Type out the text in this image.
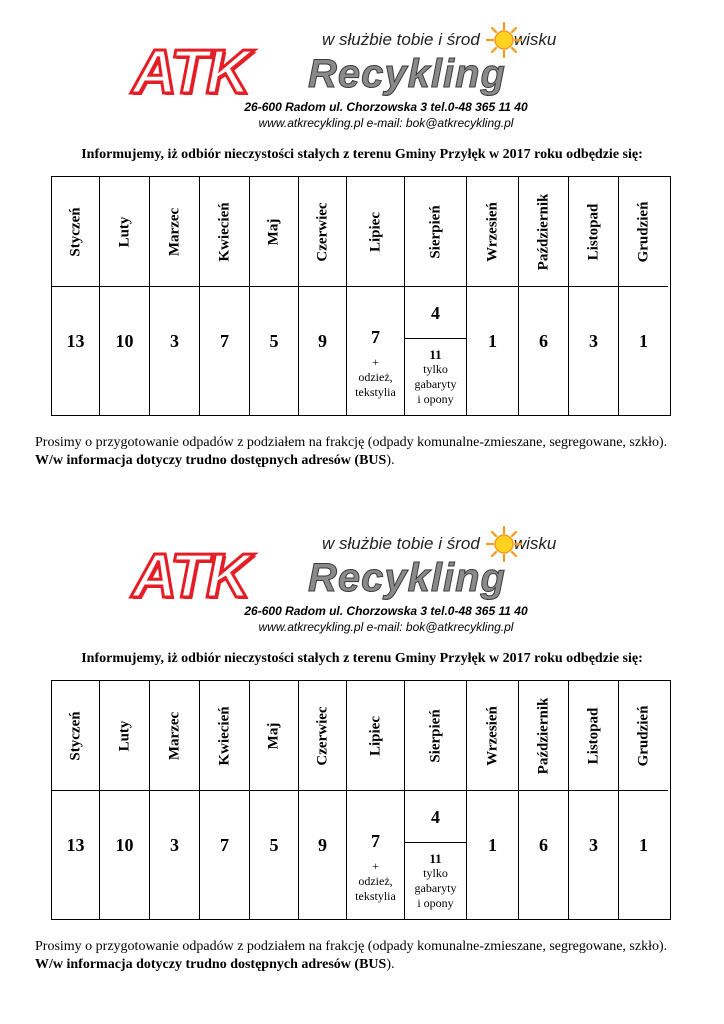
ATK Recykling
w służbie tobie i środ wisku
26-600 Radom ul. Chorzowska 3 tel.0-48 365 11 40
www.atkrecykling.pl e-mail: bok@atkrecykling.pl
Informujemy, iż odbiór nieczystości stałych z terenu Gminy Przyłęk w 2017 roku odbędzie się:
Styczeń
13
Luty
10
Marzec
3
Kwiecień
7
Maj
5
Czerwiec
9
Lipiec
7
+
odzież,
tekstylia
Sierpień
4
11
tylko
gabaryty
i opony
Wrzesień
1
Październik
6
Listopad
3
Grudzień
1
Prosimy o przygotowanie odpadów z podziałem na frakcję (odpady komunalne-zmieszane, segregowane, szkło).
W/w informacja dotyczy trudno dostępnych adresów (BUS).
ATK Recykling
w służbie tobie i środ wisku
26-600 Radom ul. Chorzowska 3 tel.0-48 365 11 40
www.atkrecykling.pl e-mail: bok@atkrecykling.pl
Informujemy, iż odbiór nieczystości stałych z terenu Gminy Przyłęk w 2017 roku odbędzie się:
Styczeń
13
Luty
10
Marzec
3
Kwiecień
7
Maj
5
Czerwiec
9
Lipiec
7
+
odzież,
tekstylia
Sierpień
4
11
tylko
gabaryty
i opony
Wrzesień
1
Październik
6
Listopad
3
Grudzień
1
Prosimy o przygotowanie odpadów z podziałem na frakcję (odpady komunalne-zmieszane, segregowane, szkło).
W/w informacja dotyczy trudno dostępnych adresów (BUS).
